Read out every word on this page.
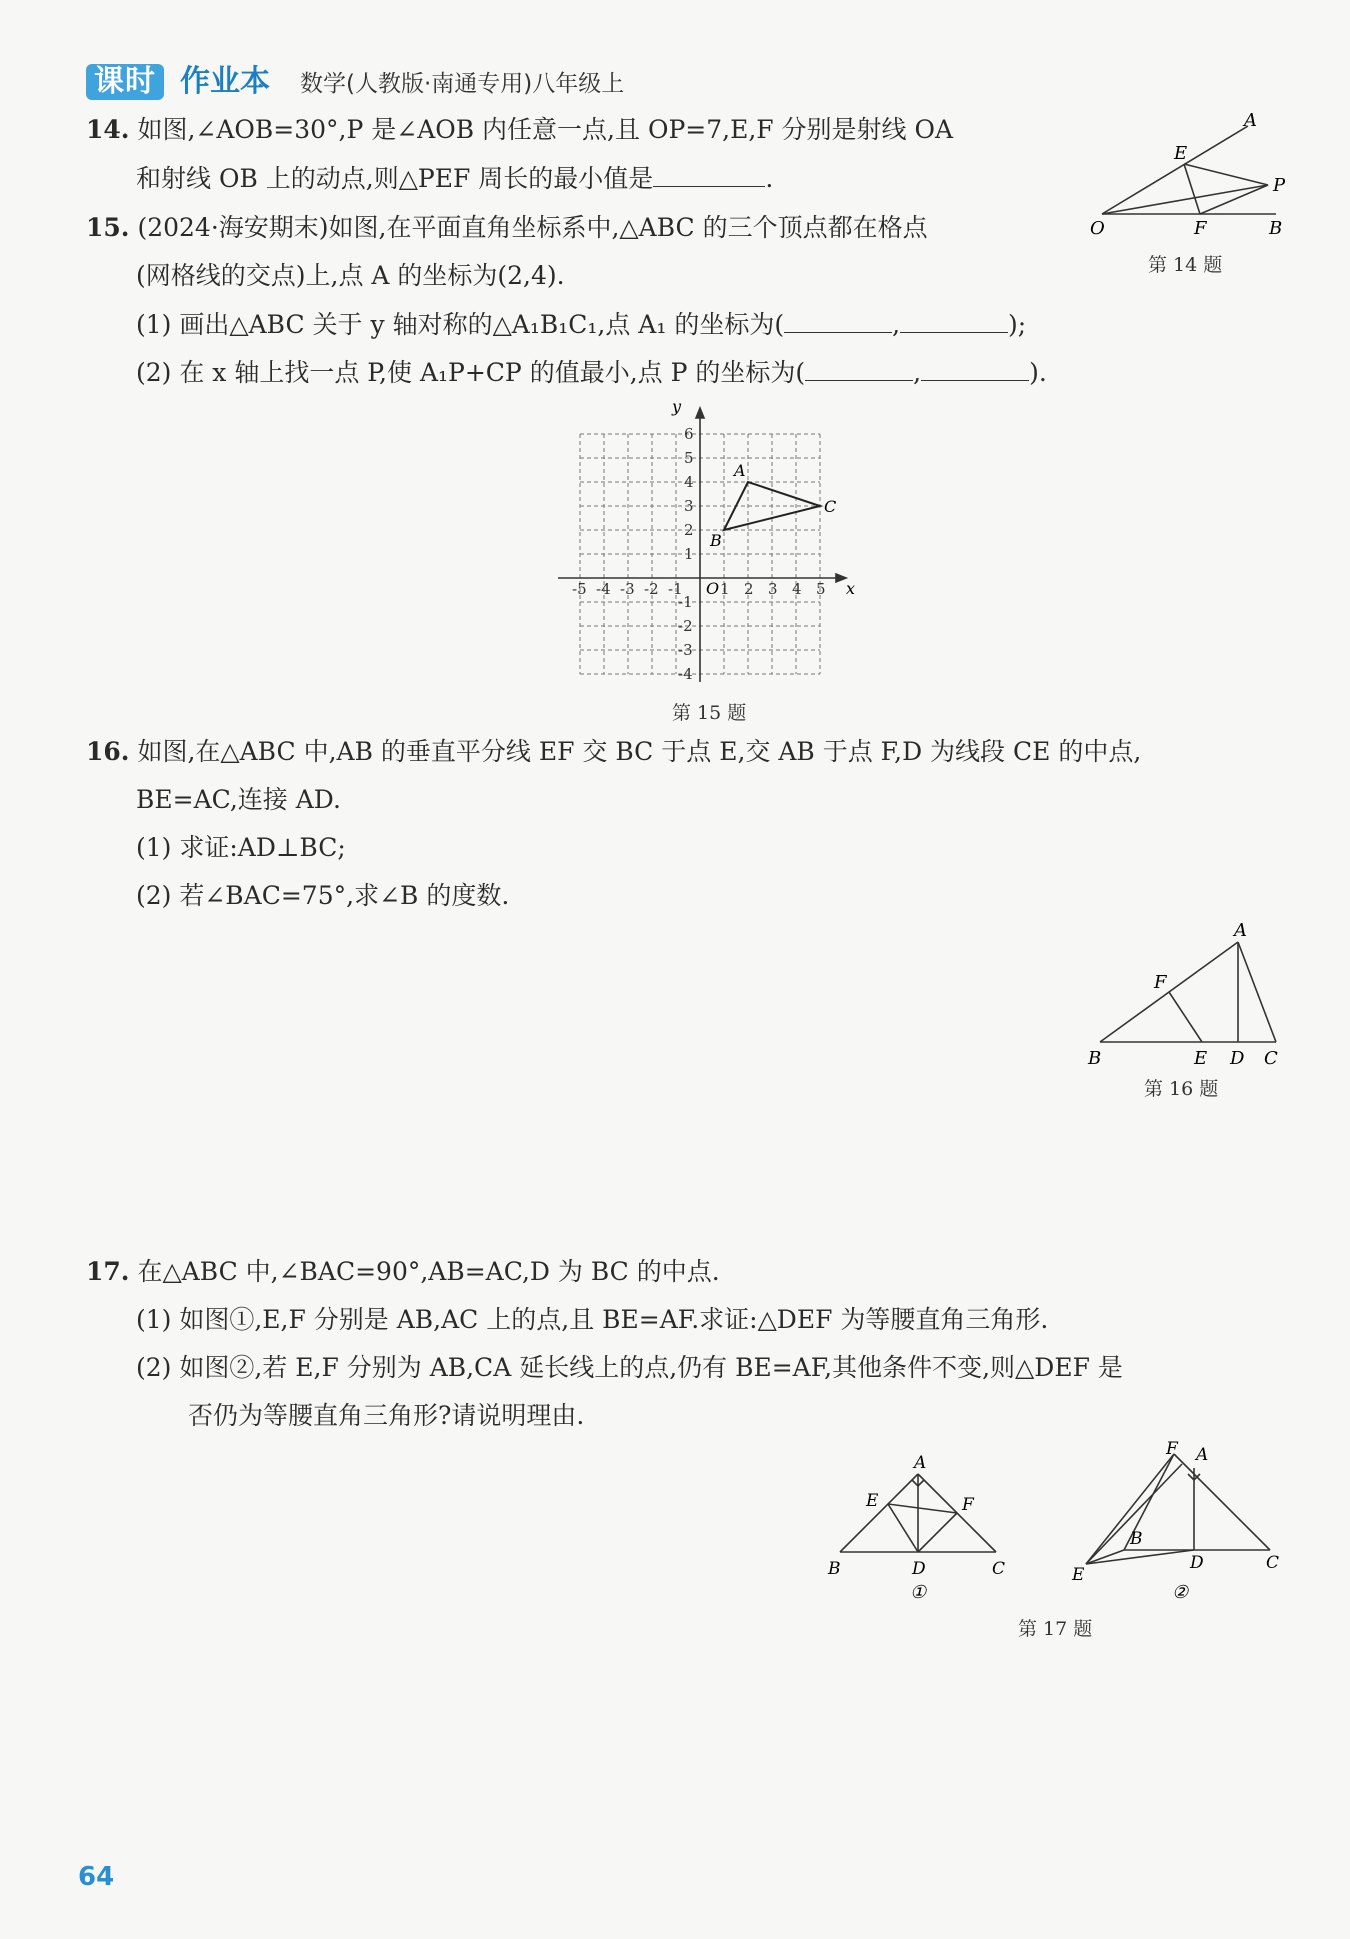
课时 作业本 数学(人教版·南通专用)八年级上
14. 如图,∠AOB=30°,P 是∠AOB 内任意一点,且 OP=7,E,F 分别是射线 OA
和射线 OB 上的动点,则△PEF 周长的最小值是	.
A
E
P
O	F	B
第 14 题
15. (2024·海安期末)如图,在平面直角坐标系中,△ABC 的三个顶点都在格点
(网格线的交点)上,点 A 的坐标为(2,4).
(1) 画出△ABC 关于 y 轴对称的△A₁B₁C₁,点 A₁ 的坐标为(	,	);
(2) 在 x 轴上找一点 P,使 A₁P+CP 的值最小,点 P 的坐标为(	,	).
y
x
O
-5 -4 -3 -2 -1 1 2 3 4 5
6
5
4
3
2
1
-1
-2
-3
-4
A
B
C
第 15 题
16. 如图,在△ABC 中,AB 的垂直平分线 EF 交 BC 于点 E,交 AB 于点 F,D 为线段 CE 的中点,
BE=AC,连接 AD.
(1) 求证:AD⊥BC;
(2) 若∠BAC=75°,求∠B 的度数.
A
F
B	E D C
第 16 题
17. 在△ABC 中,∠BAC=90°,AB=AC,D 为 BC 的中点.
(1) 如图①,E,F 分别是 AB,AC 上的点,且 BE=AF.求证:△DEF 为等腰直角三角形.
(2) 如图②,若 E,F 分别为 AB,CA 延长线上的点,仍有 BE=AF,其他条件不变,则△DEF 是
否仍为等腰直角三角形?请说明理由.
A
E	F
B	D	C
①
F A
B
D	C
E
②
第 17 题
64
